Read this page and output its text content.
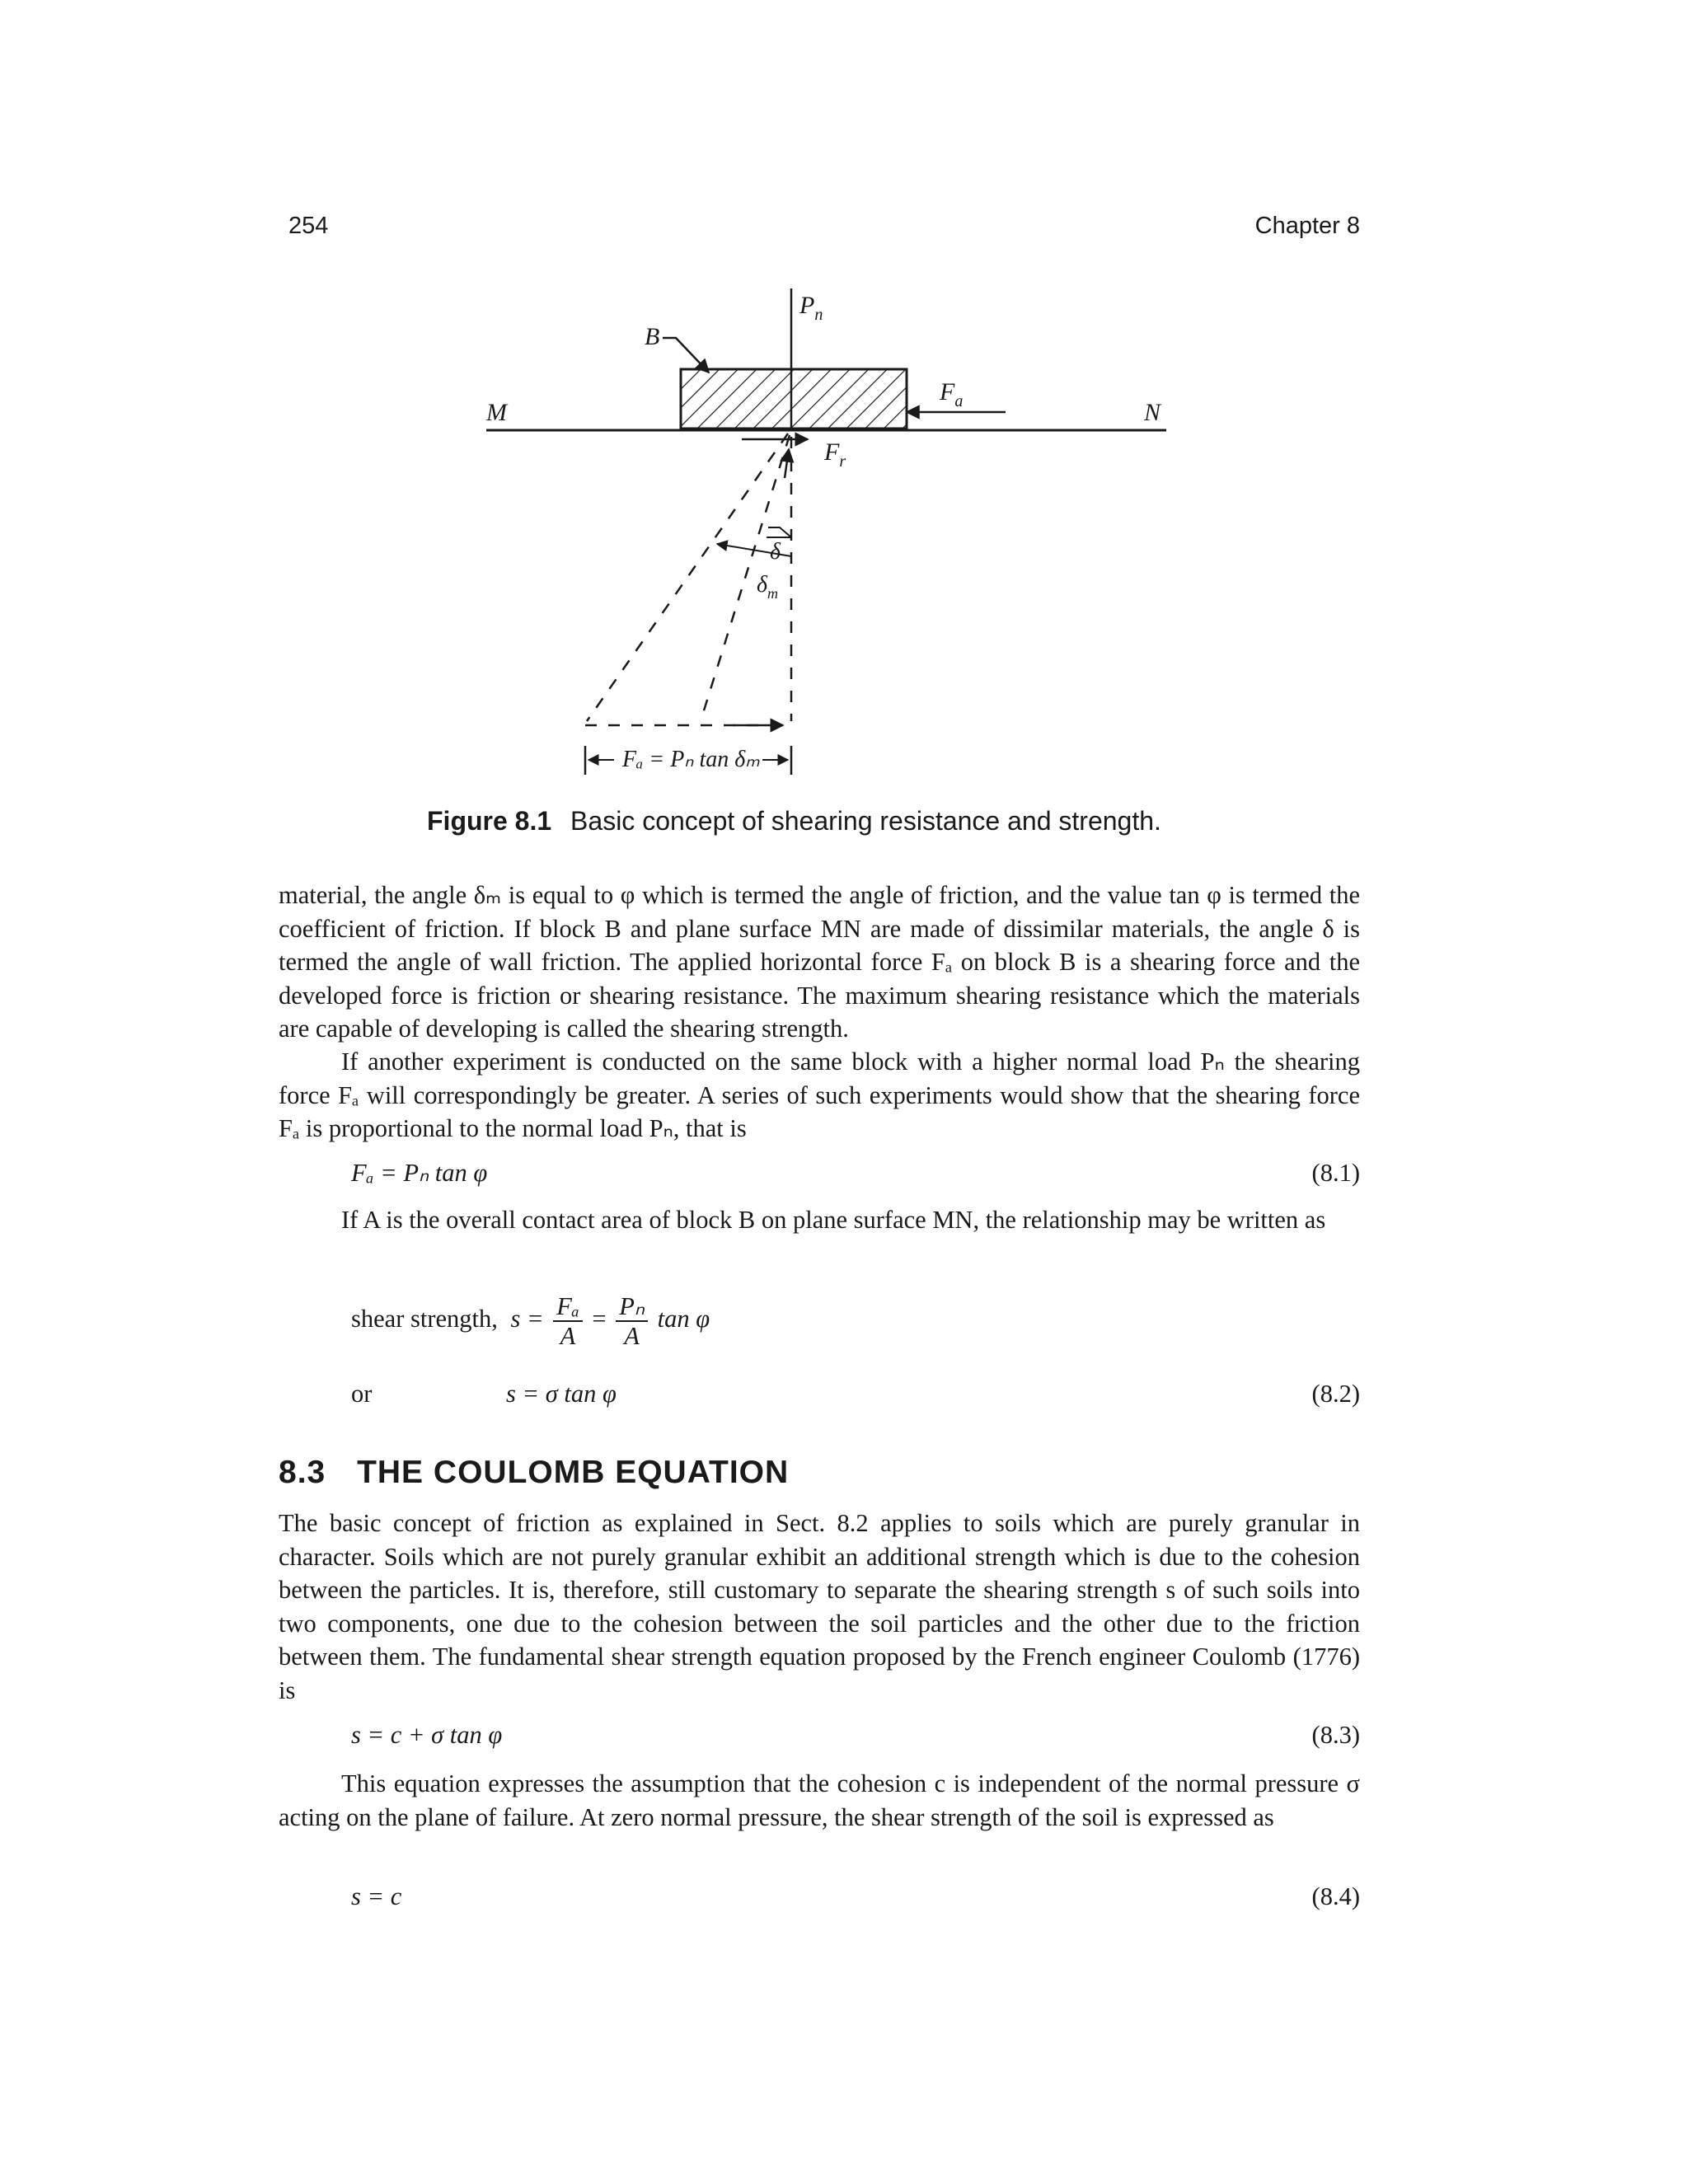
254	Chapter 8
$P_n$
B
M	N
$F_a$
$F_r$
δ
$\delta_m$
Fₐ = Pₙ tan δₘ
Figure 8.1 Basic concept of shearing resistance and strength.

material, the angle δₘ is equal to φ which is termed the angle of friction, and the value tan φ is termed the coefficient of friction. If block B and plane surface MN are made of dissimilar materials, the angle δ is termed the angle of wall friction. The applied horizontal force Fₐ on block B is a shearing force and the developed force is friction or shearing resistance. The maximum shearing resistance which the materials are capable of developing is called the shearing strength.

If another experiment is conducted on the same block with a higher normal load Pₙ the shearing force Fₐ will correspondingly be greater. A series of such experiments would show that the shearing force Fₐ is proportional to the normal load Pₙ, that is

Fₐ = Pₙ tan φ	(8.1)

If A is the overall contact area of block B on plane surface MN, the relationship may be written as

shear strength, $s = \frac{\text{Fₐ}}{A} = \frac{\text{Pₙ}}{A}$ tan φ
or	s = σ tan φ	(8.2)
8.3 THE COULOMB EQUATION

The basic concept of friction as explained in Sect. 8.2 applies to soils which are purely granular in character. Soils which are not purely granular exhibit an additional strength which is due to the cohesion between the particles. It is, therefore, still customary to separate the shearing strength s of such soils into two components, one due to the cohesion between the soil particles and the other due to the friction between them. The fundamental shear strength equation proposed by the French engineer Coulomb (1776) is

s = c + σ tan φ	(8.3)

This equation expresses the assumption that the cohesion c is independent of the normal pressure σ acting on the plane of failure. At zero normal pressure, the shear strength of the soil is expressed as

s = c	(8.4)
